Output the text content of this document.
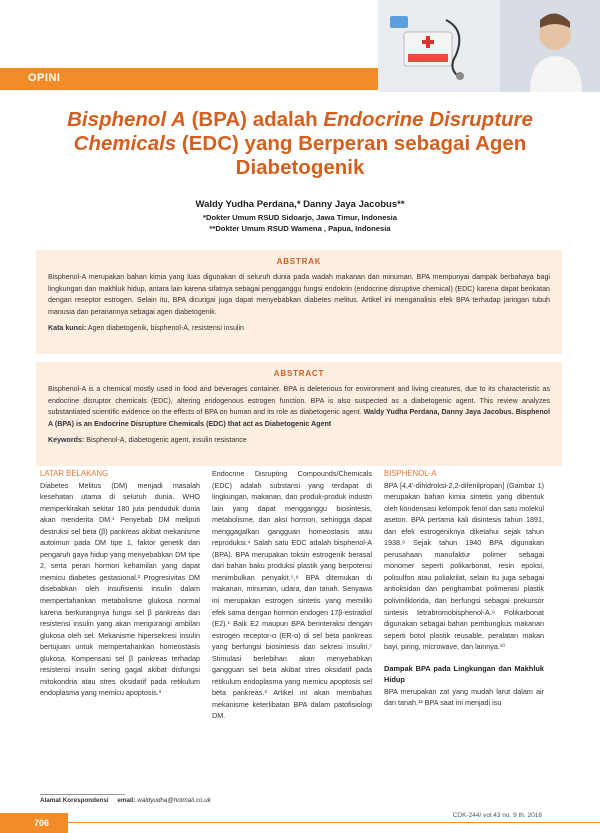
OPINI
Bisphenol A (BPA) adalah Endocrine Disrupture Chemicals (EDC) yang Berperan sebagai Agen Diabetogenik
Waldy Yudha Perdana,* Danny Jaya Jacobus**
*Dokter Umum RSUD Sidoarjo, Jawa Timur, Indonesia
**Dokter Umum RSUD Wamena , Papua, Indonesia
ABSTRAK
Bisphenol-A merupakan bahan kimia yang luas digunakan di seluruh dunia pada wadah makanan dan minuman. BPA mempunyai dampak berbahaya bagi lingkungan dan makhluk hidup, antara lain karena sifatnya sebagai pengganggu fungsi endokrin (endocrine disruptive chemical) (EDC) karena dapat berikatan dengan reseptor estrogen. Selain itu, BPA dicurigai juga dapat menyebabkan diabetes melitus. Artikel ini menganalisis efek BPA terhadap jaringan tubuh manusia dan peranannya sebagai agen diabetogenik.
Kata kunci: Agen diabetogenik, bisphenol-A, resistensi insulin
ABSTRACT
Bisphenol-A is a chemical mostly used in food and beverages container. BPA is deleterious for environment and living creatures, due to its characteristic as endocrine disruptor chemicals (EDC), altering endogenous estrogen function. BPA is also suspected as a diabetogenic agent. This review analyzes substantiated scientific evidence on the effects of BPA on human and its role as diabetogenic agent. Waldy Yudha Perdana, Danny Jaya Jacobus. Bisphenol A (BPA) is an Endocrine Disrupture Chemicals (EDC) that act as Diabetogenic Agent
Keywords: Bisphenol-A, diabetogenic agent, insulin resistance
LATAR BELAKANG

Diabetes Melitus (DM) menjadi masalah kesehatan utama di seluruh dunia. WHO memperkirakan sekitar 180 juta penduduk dunia akan menderita DM.¹ Penyebab DM meliputi destruksi sel beta (β) pankreas akibat mekanisme autoimun pada DM tipe 1, faktor genetik dan pengaruh gaya hidup yang menyebabkan DM tipe 2, serta peran hormon kehamilan yang dapat memicu diabetes gestasional.² Progresivitas DM disebabkan oleh insufisiensi insulin dalam mempertahankan metabolisme glukosa normal karena berkurangnya fungsi sel β pankreas dan resistensi insulin yang akan mengurangi ambilan glukosa oleh sel. Mekanisme hipersekresi insulin bertujuan untuk mempertahankan homeostasis glukosa. Kompensasi sel β pankreas terhadap resistensi insulin sering gagal akibat disfungsi mitokondria atau stres oksidatif pada retikulum endoplasma yang memicu apoptosis.³

Endocrine Disrupting Compounds/Chemicals (EDC) adalah substansi yang terdapat di lingkungan, makanan, dan produk-produk industri lain yang dapat mengganggu biosintesis, metabolisme, dan aksi hormon, sehingga dapat menggagalkan gangguan homeostasis atau reproduksi.⁴ Salah satu EDC adalah bisphenol-A (BPA). BPA merupakan toksin estrogenik berasal dari bahan baku produksi plastik yang berpotensi menimbulkan penyakit.⁵,⁶ BPA ditemukan di makanan, minuman, udara, dan tanah. Senyawa ini merupakan estrogen sintetis yang memiliki efek sama dengan hormon endogen 17β-estradiol (E2).¹ Baik E2 maupun BPA berinteraksi dengan estrogen receptor-α (ER-α) di sel beta pankreas yang berfungsi biosintesis dan sekresi insulin.⁷ Stimulasi berlebihan akan menyebabkan gangguan sel beta akibat stres oksidatif pada retikulum endoplasma yang memicu apoptosis sel beta pankreas.³ Artikel ini akan membahas mekanisme keterlibatan BPA dalam patofisiologi DM.

BISPHENOL-A

BPA [4,4'-dihidroksi-2,2-difenilpropan] (Gambar 1) merupakan bahan kimia sintetis yang dibentuk oleh kondensasi kelompok fenol dan satu molekul aseton. BPA pertama kali disintesis tahun 1891, dan efek estrogeniknya diketahui sejak tahun 1938.⁸ Sejak tahun 1940 BPA digunakan perusahaan manufaktur polimer sebagai monomer seperti polikarbonat, resin epoksi, polisulfon atau poliakrilat, selain itu juga sebagai antioksidan dan penghambat polimerasi plastik polivinilklorida, dan berfungsi sebagai prekursor sintesis tetrabromobisphenol-A.⁹ Polikarbonat digunakan sebagai bahan pembungkus makanan seperti botol plastik reusable, peralatan makan bayi, piring, microwave, dan lainnya.¹⁰

Dampak BPA pada Lingkungan dan Makhluk Hidup

BPA merupakan zat yang mudah larut dalam air dan tanah.¹² BPA saat ini menjadi isu

Alamat Korespondensi email: waldyudha@hotmail.co.uk
706
CDK-244/ vol.43 no. 9 th. 2016
